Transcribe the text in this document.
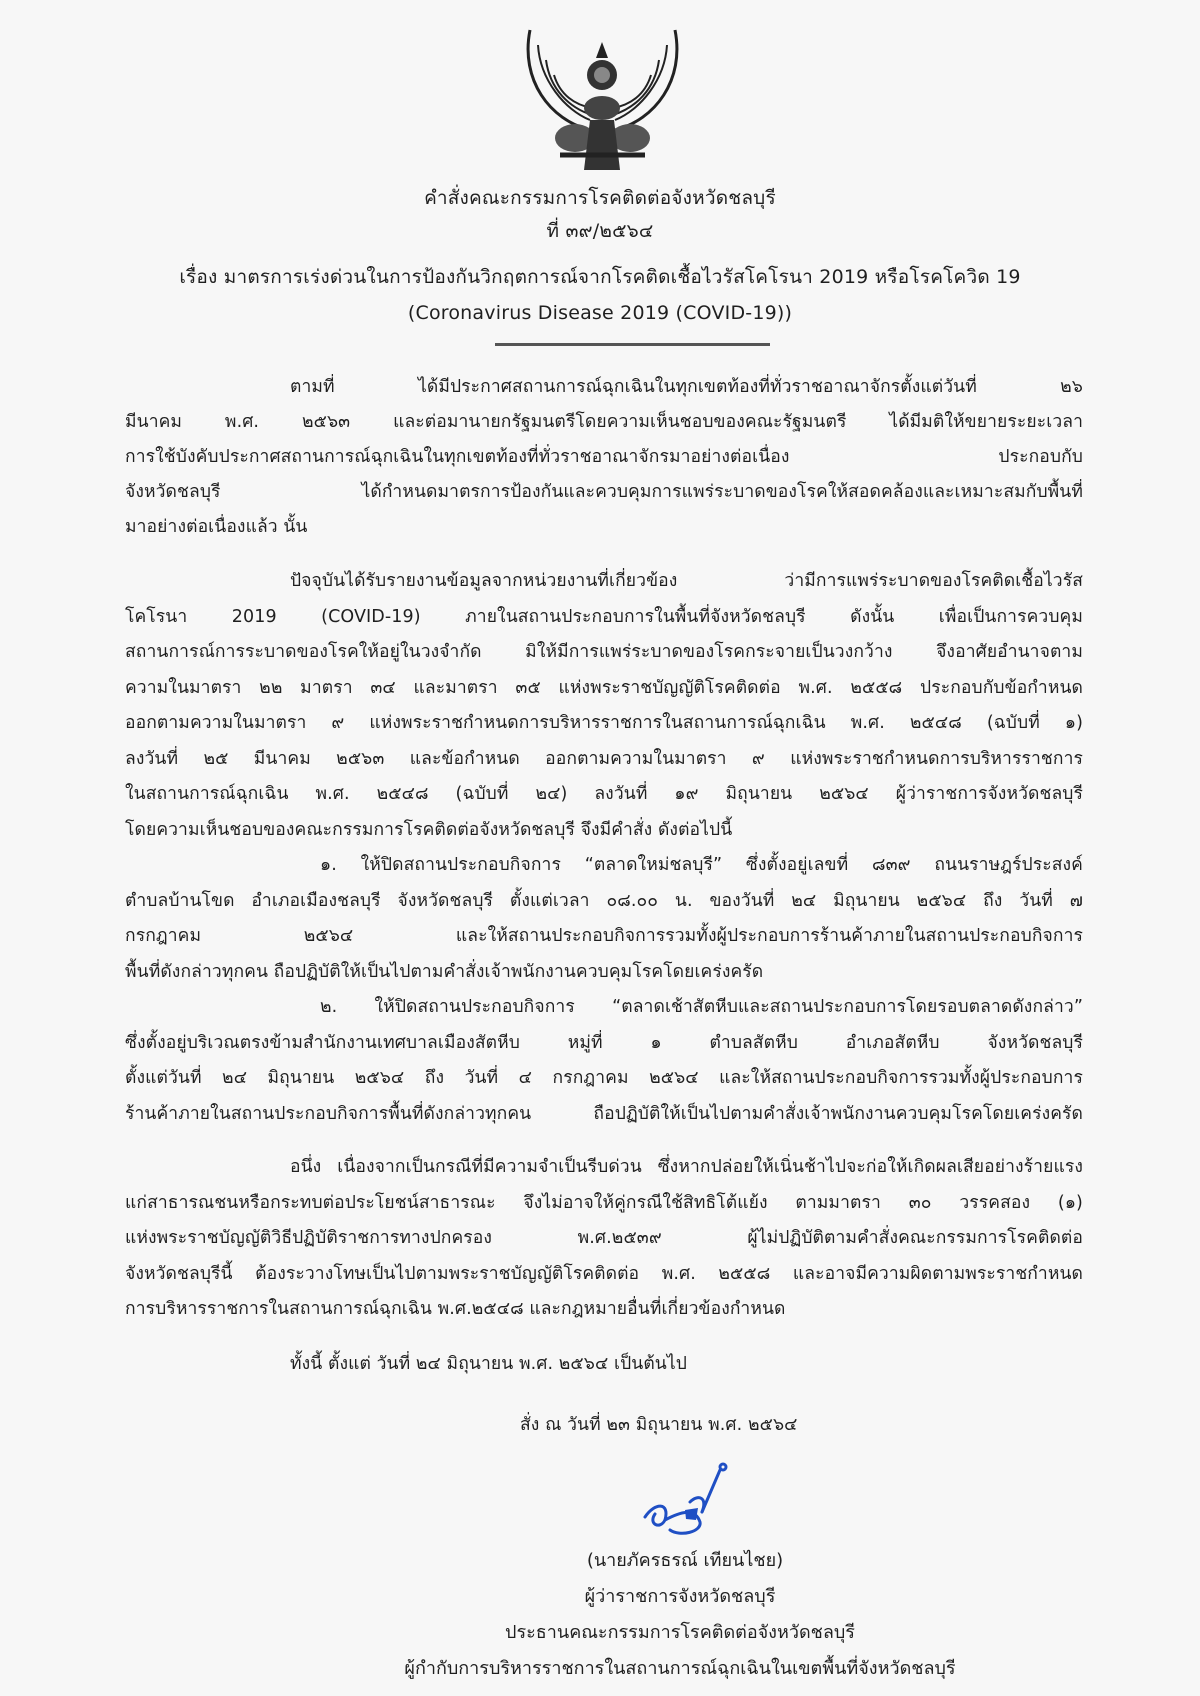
คำสั่งคณะกรรมการโรคติดต่อจังหวัดชลบุรี
ที่ ๓๙/๒๕๖๔
เรื่อง มาตรการเร่งด่วนในการป้องกันวิกฤตการณ์จากโรคติดเชื้อไวรัสโคโรนา 2019 หรือโรคโควิด 19
(Coronavirus Disease 2019 (COVID-19))
ตามที่ ได้มีประกาศสถานการณ์ฉุกเฉินในทุกเขตท้องที่ทั่วราชอาณาจักรตั้งแต่วันที่ ๒๖
มีนาคม พ.ศ. ๒๕๖๓ และต่อมานายกรัฐมนตรีโดยความเห็นชอบของคณะรัฐมนตรี ได้มีมติให้ขยายระยะเวลา
การใช้บังคับประกาศสถานการณ์ฉุกเฉินในทุกเขตท้องที่ทั่วราชอาณาจักรมาอย่างต่อเนื่อง ประกอบกับ
จังหวัดชลบุรี ได้กำหนดมาตรการป้องกันและควบคุมการแพร่ระบาดของโรคให้สอดคล้องและเหมาะสมกับพื้นที่
มาอย่างต่อเนื่องแล้ว นั้น
ปัจจุบันได้รับรายงานข้อมูลจากหน่วยงานที่เกี่ยวข้อง ว่ามีการแพร่ระบาดของโรคติดเชื้อไวรัส
โคโรนา 2019 (COVID-19) ภายในสถานประกอบการในพื้นที่จังหวัดชลบุรี ดังนั้น เพื่อเป็นการควบคุม
สถานการณ์การระบาดของโรคให้อยู่ในวงจำกัด มิให้มีการแพร่ระบาดของโรคกระจายเป็นวงกว้าง จึงอาศัยอำนาจตาม
ความในมาตรา ๒๒ มาตรา ๓๔ และมาตรา ๓๕ แห่งพระราชบัญญัติโรคติดต่อ พ.ศ. ๒๕๕๘ ประกอบกับข้อกำหนด
ออกตามความในมาตรา ๙ แห่งพระราชกำหนดการบริหารราชการในสถานการณ์ฉุกเฉิน พ.ศ. ๒๕๔๘ (ฉบับที่ ๑)
ลงวันที่ ๒๕ มีนาคม ๒๕๖๓ และข้อกำหนด ออกตามความในมาตรา ๙ แห่งพระราชกำหนดการบริหารราชการ
ในสถานการณ์ฉุกเฉิน พ.ศ. ๒๕๔๘ (ฉบับที่ ๒๔) ลงวันที่ ๑๙ มิถุนายน ๒๕๖๔ ผู้ว่าราชการจังหวัดชลบุรี
โดยความเห็นชอบของคณะกรรมการโรคติดต่อจังหวัดชลบุรี จึงมีคำสั่ง ดังต่อไปนี้
๑. ให้ปิดสถานประกอบกิจการ “ตลาดใหม่ชลบุรี” ซึ่งตั้งอยู่เลขที่ ๘๓๙ ถนนราษฎร์ประสงค์
ตำบลบ้านโขด อำเภอเมืองชลบุรี จังหวัดชลบุรี ตั้งแต่เวลา ๐๘.๐๐ น. ของวันที่ ๒๔ มิถุนายน ๒๕๖๔ ถึง วันที่ ๗
กรกฎาคม ๒๕๖๔ และให้สถานประกอบกิจการรวมทั้งผู้ประกอบการร้านค้าภายในสถานประกอบกิจการ
พื้นที่ดังกล่าวทุกคน ถือปฏิบัติให้เป็นไปตามคำสั่งเจ้าพนักงานควบคุมโรคโดยเคร่งครัด
๒. ให้ปิดสถานประกอบกิจการ “ตลาดเช้าสัตหีบและสถานประกอบการโดยรอบตลาดดังกล่าว”
ซึ่งตั้งอยู่บริเวณตรงข้ามสำนักงานเทศบาลเมืองสัตหีบ หมู่ที่ ๑ ตำบลสัตหีบ อำเภอสัตหีบ จังหวัดชลบุรี
ตั้งแต่วันที่ ๒๔ มิถุนายน ๒๕๖๔ ถึง วันที่ ๔ กรกฎาคม ๒๕๖๔ และให้สถานประกอบกิจการรวมทั้งผู้ประกอบการ
ร้านค้าภายในสถานประกอบกิจการพื้นที่ดังกล่าวทุกคน ถือปฏิบัติให้เป็นไปตามคำสั่งเจ้าพนักงานควบคุมโรคโดยเคร่งครัด
อนึ่ง เนื่องจากเป็นกรณีที่มีความจำเป็นรีบด่วน ซึ่งหากปล่อยให้เนิ่นช้าไปจะก่อให้เกิดผลเสียอย่างร้ายแรง
แก่สาธารณชนหรือกระทบต่อประโยชน์สาธารณะ จึงไม่อาจให้คู่กรณีใช้สิทธิโต้แย้ง ตามมาตรา ๓๐ วรรคสอง (๑)
แห่งพระราชบัญญัติวิธีปฏิบัติราชการทางปกครอง พ.ศ.๒๕๓๙ ผู้ไม่ปฏิบัติตามคำสั่งคณะกรรมการโรคติดต่อ
จังหวัดชลบุรีนี้ ต้องระวางโทษเป็นไปตามพระราชบัญญัติโรคติดต่อ พ.ศ. ๒๕๕๘ และอาจมีความผิดตามพระราชกำหนด
การบริหารราชการในสถานการณ์ฉุกเฉิน พ.ศ.๒๕๔๘ และกฎหมายอื่นที่เกี่ยวข้องกำหนด
ทั้งนี้ ตั้งแต่ วันที่ ๒๔ มิถุนายน พ.ศ. ๒๕๖๔ เป็นต้นไป
สั่ง ณ วันที่ ๒๓ มิถุนายน พ.ศ. ๒๕๖๔
(นายภัครธรณ์ เทียนไชย)
ผู้ว่าราชการจังหวัดชลบุรี
ประธานคณะกรรมการโรคติดต่อจังหวัดชลบุรี
ผู้กำกับการบริหารราชการในสถานการณ์ฉุกเฉินในเขตพื้นที่จังหวัดชลบุรี
